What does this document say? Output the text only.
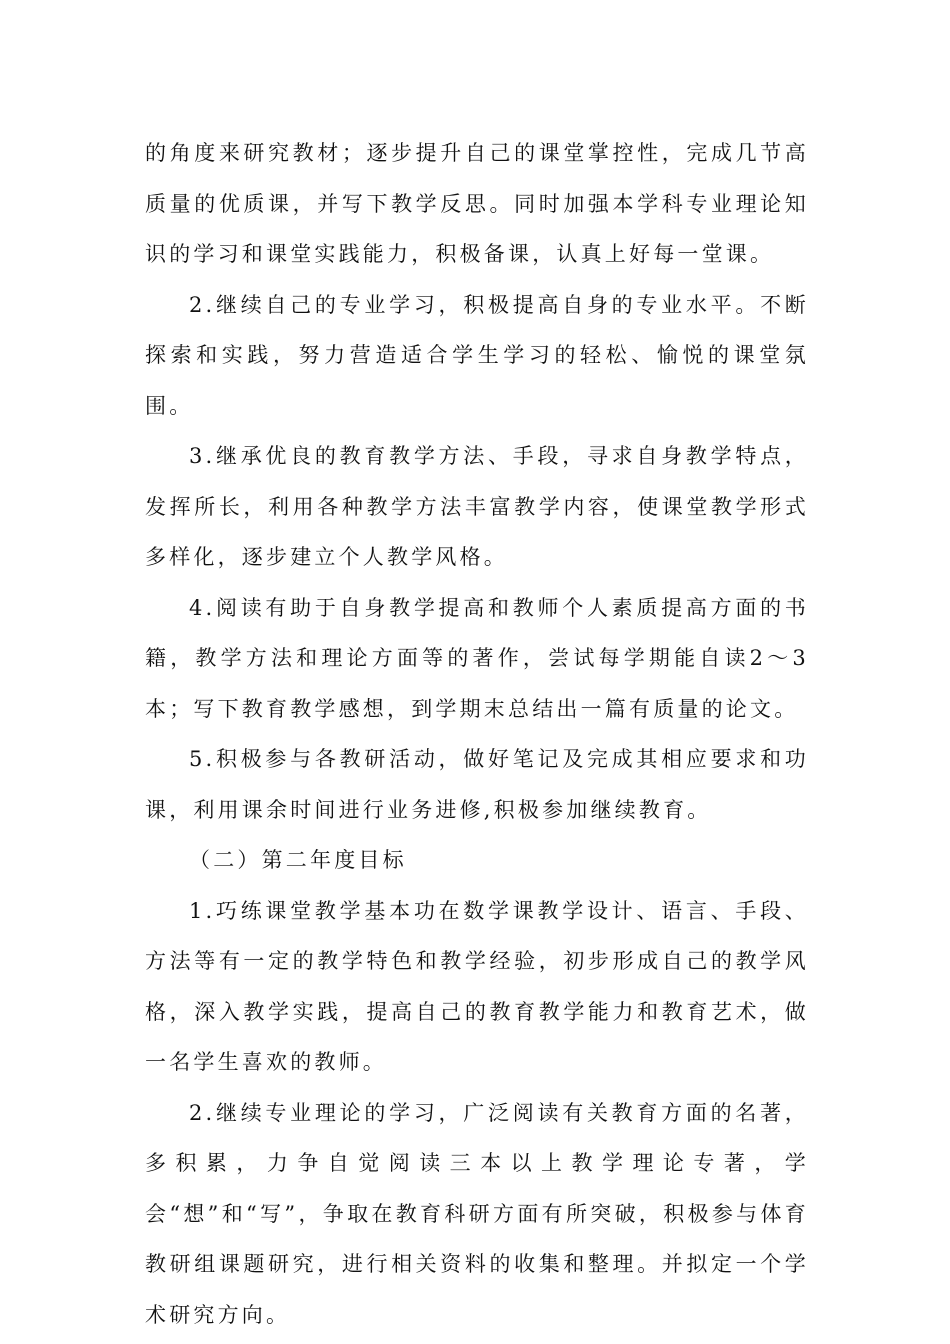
的角度来研究教材；逐步提升自己的课堂掌控性，完成几节高质量的优质课，并写下教学反思。同时加强本学科专业理论知识的学习和课堂实践能力，积极备课，认真上好每一堂课。

2.继续自己的专业学习，积极提高自身的专业水平。不断探索和实践，努力营造适合学生学习的轻松、愉悦的课堂氛围。

3.继承优良的教育教学方法、手段，寻求自身教学特点，发挥所长，利用各种教学方法丰富教学内容，使课堂教学形式多样化，逐步建立个人教学风格。

4.阅读有助于自身教学提高和教师个人素质提高方面的书籍，教学方法和理论方面等的著作，尝试每学期能自读2～3本；写下教育教学感想，到学期末总结出一篇有质量的论文。

5.积极参与各教研活动，做好笔记及完成其相应要求和功课，利用课余时间进行业务进修,积极参加继续教育。

（二）第二年度目标

1.巧练课堂教学基本功在数学课教学设计、语言、手段、方法等有一定的教学特色和教学经验，初步形成自己的教学风格，深入教学实践，提高自己的教育教学能力和教育艺术，做一名学生喜欢的教师。

2.继续专业理论的学习，广泛阅读有关教育方面的名著，多积累，力争自觉阅读三本以上教学理论专著，学会“想”和“写”，争取在教育科研方面有所突破，积极参与体育教研组课题研究，进行相关资料的收集和整理。并拟定一个学术研究方向。
